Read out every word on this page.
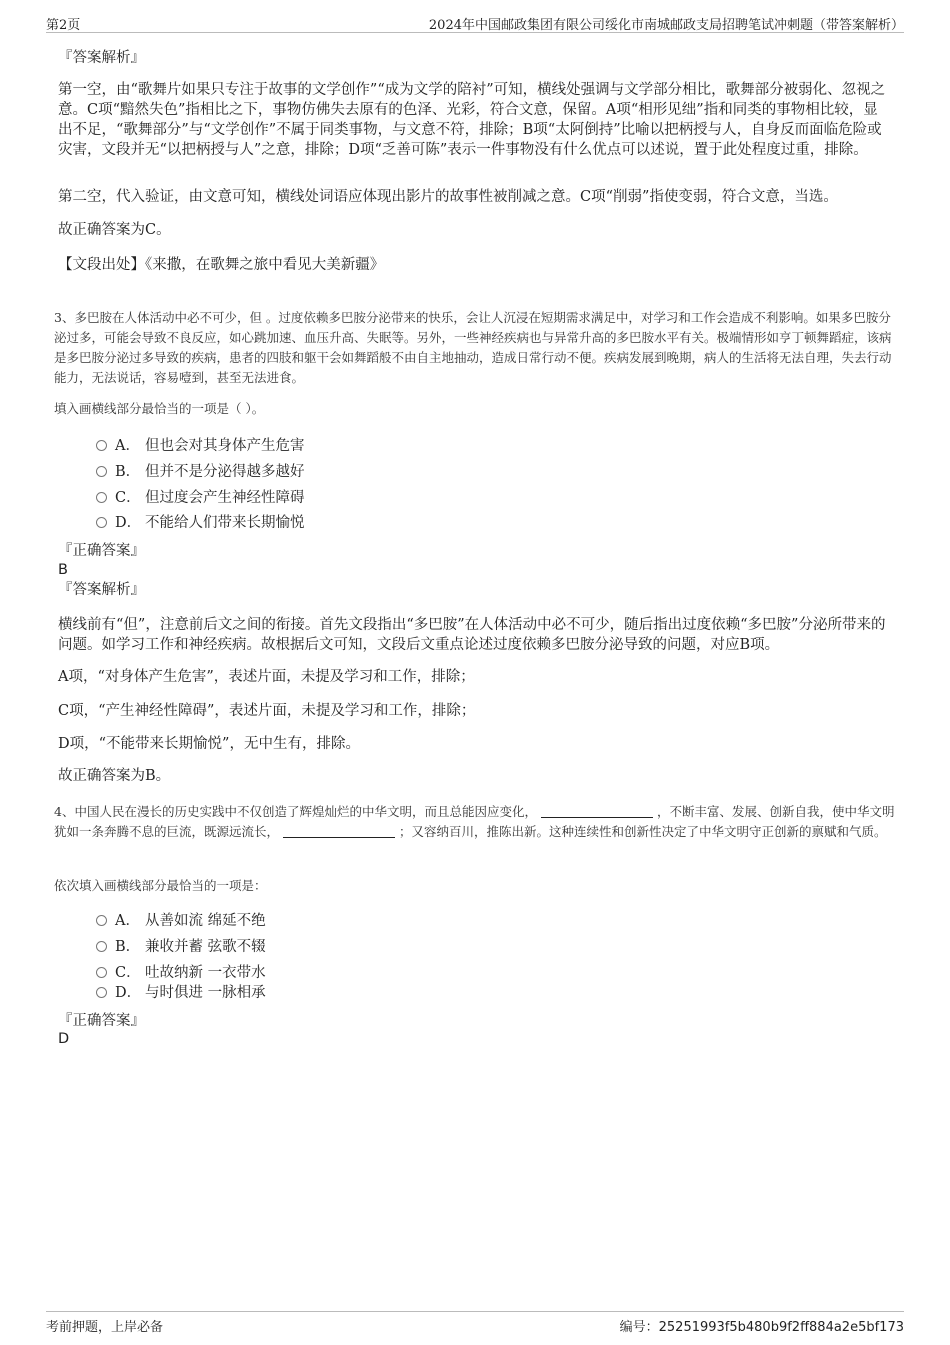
第2页	2024年中国邮政集团有限公司绥化市南城邮政支局招聘笔试冲刺题（带答案解析）
『答案解析』

第一空，由“歌舞片如果只专注于故事的文学创作”“成为文学的陪衬”可知，横线处强调与文学部分相比，歌舞部分被弱化、忽视之意。C项“黯然失色”指相比之下，事物仿佛失去原有的色泽、光彩，符合文意，保留。A项“相形见绌”指和同类的事物相比较，显出不足，“歌舞部分”与“文学创作”不属于同类事物，与文意不符，排除；B项“太阿倒持”比喻以把柄授与人，自身反而面临危险或灾害，文段并无“以把柄授与人”之意，排除；D项“乏善可陈”表示一件事物没有什么优点可以述说，置于此处程度过重，排除。

第二空，代入验证，由文意可知，横线处词语应体现出影片的故事性被削减之意。C项“削弱”指使变弱，符合文意，当选。

故正确答案为C。
【文段出处】《来撒，在歌舞之旅中看见大美新疆》

3、多巴胺在人体活动中必不可少，但 。过度依赖多巴胺分泌带来的快乐，会让人沉浸在短期需求满足中，对学习和工作会造成不利影响。如果多巴胺分泌过多，可能会导致不良反应，如心跳加速、血压升高、失眠等。另外，一些神经疾病也与异常升高的多巴胺水平有关。极端情形如亨丁顿舞蹈症，该病是多巴胺分泌过多导致的疾病，患者的四肢和躯干会如舞蹈般不由自主地抽动，造成日常行动不便。疾病发展到晚期，病人的生活将无法自理，失去行动能力，无法说话，容易噎到，甚至无法进食。

填入画横线部分最恰当的一项是（ ）。
A． 但也会对其身体产生危害
B． 但并不是分泌得越多越好
C． 但过度会产生神经性障碍
D． 不能给人们带来长期愉悦
『正确答案』
B
『答案解析』

横线前有“但”，注意前后文之间的衔接。首先文段指出“多巴胺”在人体活动中必不可少，随后指出过度依赖“多巴胺”分泌所带来的问题。如学习工作和神经疾病。故根据后文可知，文段后文重点论述过度依赖多巴胺分泌导致的问题，对应B项。

A项，“对身体产生危害”，表述片面，未提及学习和工作，排除；

C项，“产生神经性障碍”，表述片面，未提及学习和工作，排除；

D项，“不能带来长期愉悦”，无中生有，排除。

故正确答案为B。

4、中国人民在漫长的历史实践中不仅创造了辉煌灿烂的中华文明，而且总能因应变化，	，不断丰富、发展、创新自我，使中华文明犹如一条奔腾不息的巨流，既源远流长，	；又容纳百川，推陈出新。这种连续性和创新性决定了中华文明守正创新的禀赋和气质。

依次填入画横线部分最恰当的一项是：
A． 从善如流 绵延不绝
B． 兼收并蓄 弦歌不辍
C． 吐故纳新 一衣带水
D． 与时俱进 一脉相承
『正确答案』
D
考前押题，上岸必备	编号：25251993f5b480b9f2ff884a2e5bf173
